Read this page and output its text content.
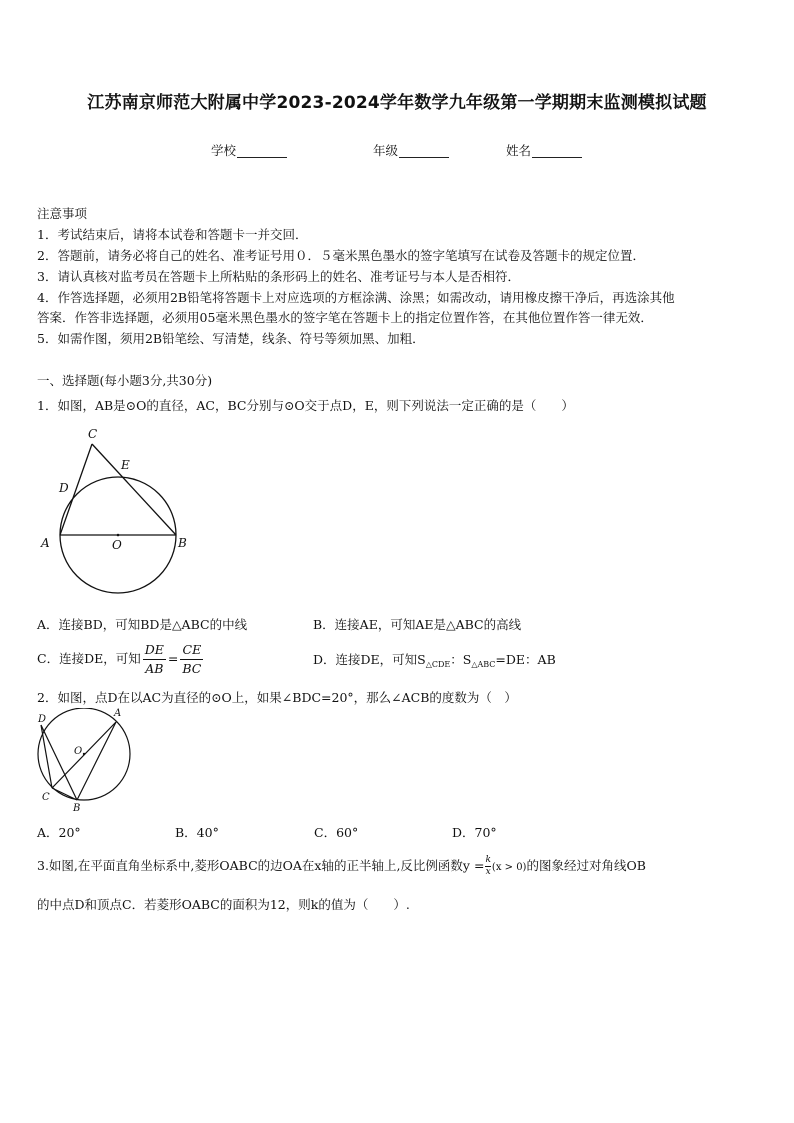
江苏南京师范大附属中学2023-2024学年数学九年级第一学期期末监测模拟试题
学校	年级	姓名
注意事项
1．考试结束后，请将本试卷和答题卡一并交回．
2．答题前，请务必将自己的姓名、准考证号用０．５毫米黑色墨水的签字笔填写在试卷及答题卡的规定位置．
3．请认真核对监考员在答题卡上所粘贴的条形码上的姓名、准考证号与本人是否相符．
4．作答选择题，必须用2B铅笔将答题卡上对应选项的方框涂满、涂黑；如需改动，请用橡皮擦干净后，再选涂其他
答案．作答非选择题，必须用05毫米黑色墨水的签字笔在答题卡上的指定位置作答，在其他位置作答一律无效．
5．如需作图，须用2B铅笔绘、写清楚，线条、符号等须加黑、加粗．
一、选择题(每小题3分,共30分)
1．如图，AB是⊙O的直径，AC，BC分别与⊙O交于点D，E，则下列说法一定正确的是（　　）
C
E
D
A	O	B
A．连接BD，可知BD是△ABC的中线	B．连接AE，可知AE是△ABC的高线
C．连接DE，可知 $\frac{DE}{AB} = \frac{CE}{BC}$	D．连接DE，可知$S_{\triangle CDE}$：$S_{\triangle ABC}=DE$：AB
2．如图，点D在以AC为直径的⊙O上，如果∠BDC=20°，那么∠ACB的度数为（　）
D
A
O
C
B
A．20°	B．40°	C．60°	D．70°
3.如图,在平面直角坐标系中,菱形OABC的边OA在x轴的正半轴上,反比例函数$y = \frac{k}{x} (x > 0)$的图象经过对角线OB
的中点D和顶点C．若菱形OABC的面积为12，则k的值为（　　）.
